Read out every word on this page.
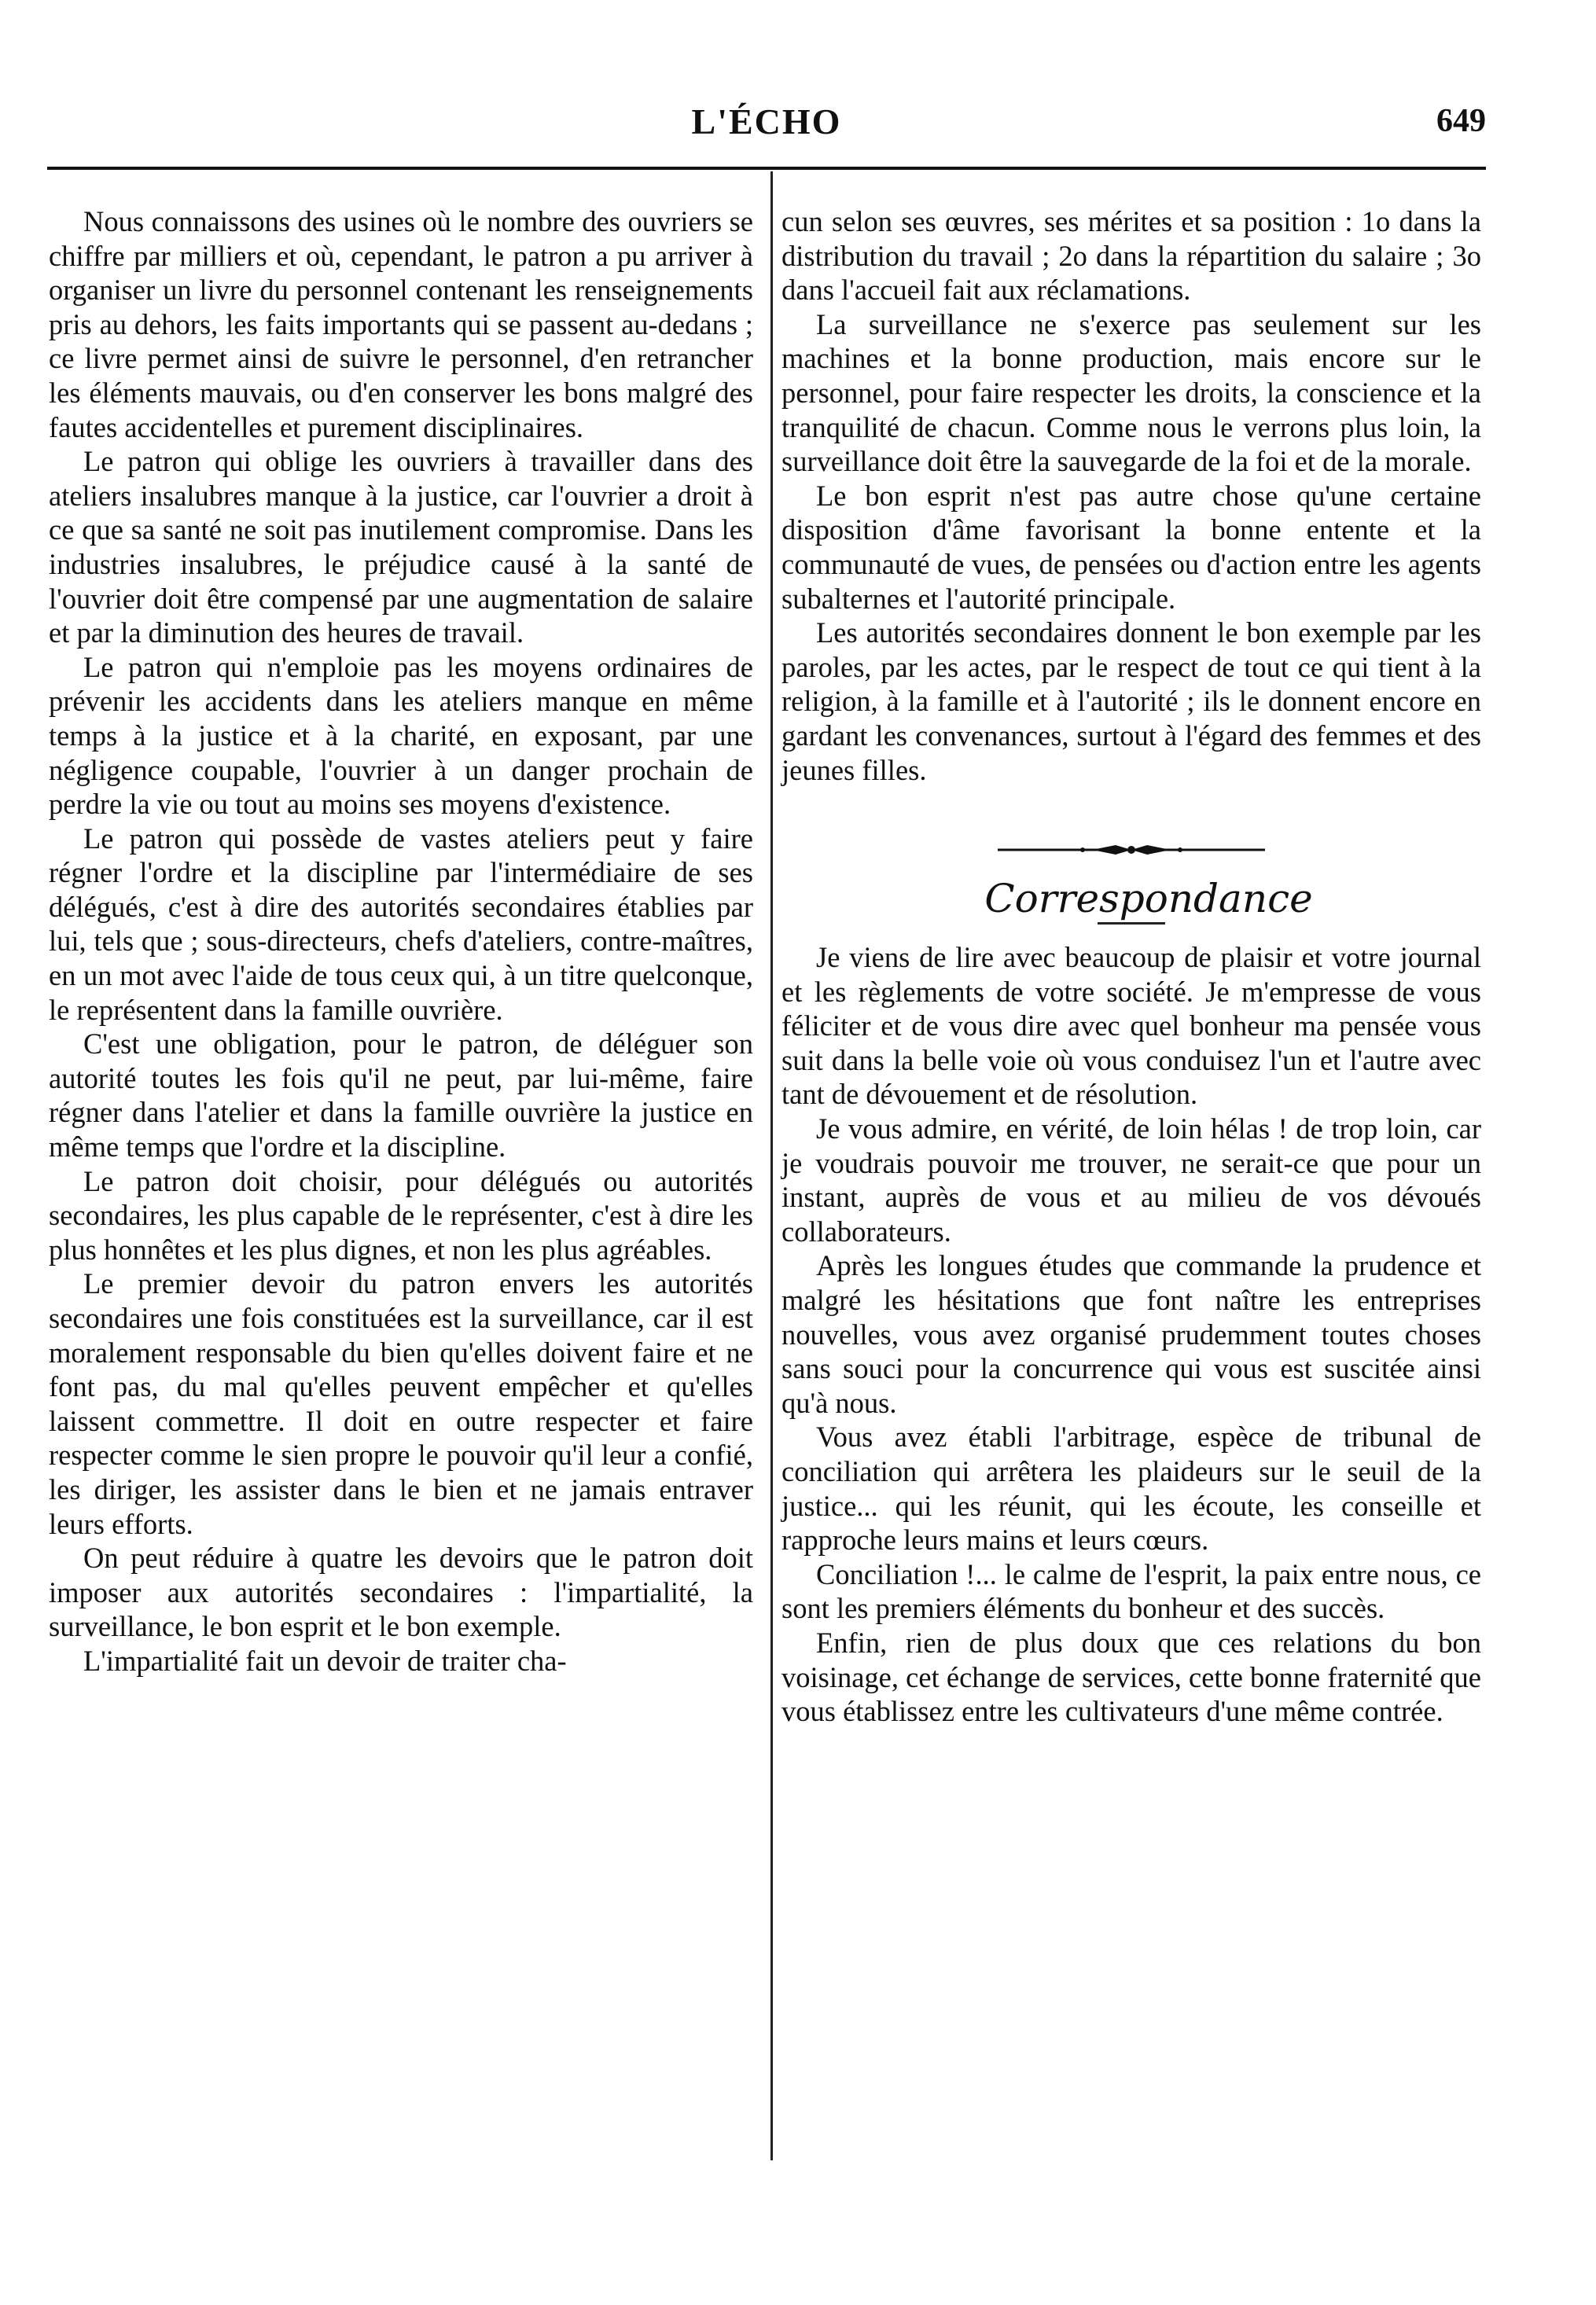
L'ÉCHO	649

Nous connaissons des usines où le nombre des ouvriers se chiffre par milliers et où, cependant, le patron a pu arriver à organiser un livre du personnel contenant les renseignements pris au dehors, les faits importants qui se passent au-dedans ; ce livre permet ainsi de suivre le personnel, d'en retrancher les éléments mauvais, ou d'en conserver les bons malgré des fautes accidentelles et purement disciplinaires.

Le patron qui oblige les ouvriers à travailler dans des ateliers insalubres manque à la justice, car l'ouvrier a droit à ce que sa santé ne soit pas inutilement compromise. Dans les industries insalubres, le préjudice causé à la santé de l'ouvrier doit être compensé par une augmentation de salaire et par la diminution des heures de travail.

Le patron qui n'emploie pas les moyens ordinaires de prévenir les accidents dans les ateliers manque en même temps à la justice et à la charité, en exposant, par une négligence coupable, l'ouvrier à un danger prochain de perdre la vie ou tout au moins ses moyens d'existence.

Le patron qui possède de vastes ateliers peut y faire régner l'ordre et la discipline par l'intermédiaire de ses délégués, c'est à dire des autorités secondaires établies par lui, tels que ; sous-directeurs, chefs d'ateliers, contre-maîtres, en un mot avec l'aide de tous ceux qui, à un titre quelconque, le représentent dans la famille ouvrière.

C'est une obligation, pour le patron, de déléguer son autorité toutes les fois qu'il ne peut, par lui-même, faire régner dans l'atelier et dans la famille ouvrière la justice en même temps que l'ordre et la discipline.

Le patron doit choisir, pour délégués ou autorités secondaires, les plus capable de le représenter, c'est à dire les plus honnêtes et les plus dignes, et non les plus agréables.

Le premier devoir du patron envers les autorités secondaires une fois constituées est la surveillance, car il est moralement responsable du bien qu'elles doivent faire et ne font pas, du mal qu'elles peuvent empêcher et qu'elles laissent commettre. Il doit en outre respecter et faire respecter comme le sien propre le pouvoir qu'il leur a confié, les diriger, les assister dans le bien et ne jamais entraver leurs efforts.

On peut réduire à quatre les devoirs que le patron doit imposer aux autorités secondaires : l'impartialité, la surveillance, le bon esprit et le bon exemple.

L'impartialité fait un devoir de traiter cha-

cun selon ses œuvres, ses mérites et sa position : 1o dans la distribution du travail ; 2o dans la répartition du salaire ; 3o dans l'accueil fait aux réclamations.

La surveillance ne s'exerce pas seulement sur les machines et la bonne production, mais encore sur le personnel, pour faire respecter les droits, la conscience et la tranquilité de chacun. Comme nous le verrons plus loin, la surveillance doit être la sauvegarde de la foi et de la morale.

Le bon esprit n'est pas autre chose qu'une certaine disposition d'âme favorisant la bonne entente et la communauté de vues, de pensées ou d'action entre les agents subalternes et l'autorité principale.

Les autorités secondaires donnent le bon exemple par les paroles, par les actes, par le respect de tout ce qui tient à la religion, à la famille et à l'autorité ; ils le donnent encore en gardant les convenances, surtout à l'égard des femmes et des jeunes filles.

Correspondance

Je viens de lire avec beaucoup de plaisir et votre journal et les règlements de votre société. Je m'empresse de vous féliciter et de vous dire avec quel bonheur ma pensée vous suit dans la belle voie où vous conduisez l'un et l'autre avec tant de dévouement et de résolution.

Je vous admire, en vérité, de loin hélas ! de trop loin, car je voudrais pouvoir me trouver, ne serait-ce que pour un instant, auprès de vous et au milieu de vos dévoués collaborateurs.

Après les longues études que commande la prudence et malgré les hésitations que font naître les entreprises nouvelles, vous avez organisé prudemment toutes choses sans souci pour la concurrence qui vous est suscitée ainsi qu'à nous.

Vous avez établi l'arbitrage, espèce de tribunal de conciliation qui arrêtera les plaideurs sur le seuil de la justice... qui les réunit, qui les écoute, les conseille et rapproche leurs mains et leurs cœurs.

Conciliation !... le calme de l'esprit, la paix entre nous, ce sont les premiers éléments du bonheur et des succès.

Enfin, rien de plus doux que ces relations du bon voisinage, cet échange de services, cette bonne fraternité que vous établissez entre les cultivateurs d'une même contrée.
